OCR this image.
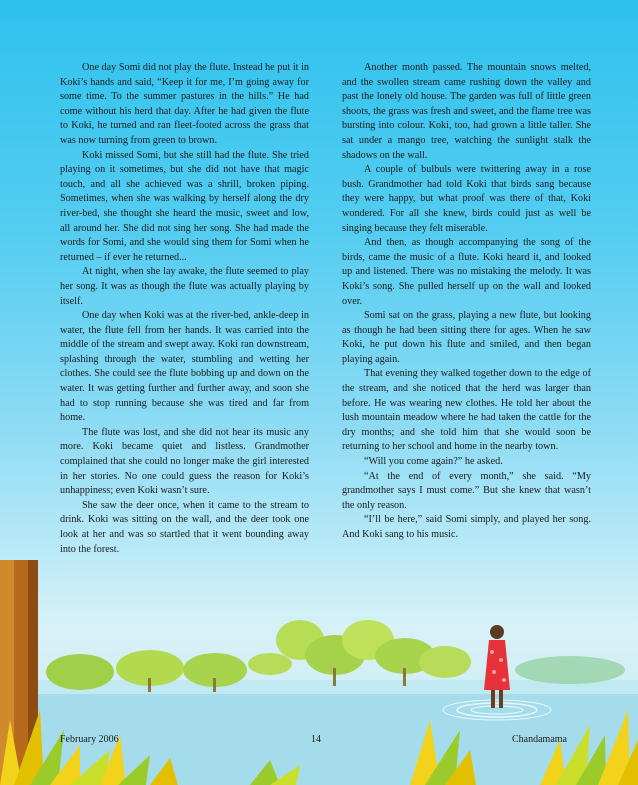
One day Somi did not play the flute. Instead he put it in Koki’s hands and said, “Keep it for me, I’m going away for some time. To the summer pastures in the hills.” He had come without his herd that day. After he had given the flute to Koki, he turned and ran fleet-footed across the grass that was now turning from green to brown.

Koki missed Somi, but she still had the flute. She tried playing on it sometimes, but she did not have that magic touch, and all she achieved was a shrill, broken piping. Sometimes, when she was walking by herself along the dry river-bed, she thought she heard the music, sweet and low, all around her. She did not sing her song. She had made the words for Somi, and she would sing them for Somi when he returned – if ever he returned...

At night, when she lay awake, the flute seemed to play her song. It was as though the flute was actually playing by itself.

One day when Koki was at the river-bed, ankle-deep in water, the flute fell from her hands. It was carried into the middle of the stream and swept away. Koki ran downstream, splashing through the water, stumbling and wetting her clothes. She could see the flute bobbing up and down on the water. It was getting further and further away, and soon she had to stop running because she was tired and far from home.

The flute was lost, and she did not hear its music any more. Koki became quiet and listless. Grandmother complained that she could no longer make the girl interested in her stories. No one could guess the reason for Koki’s unhappiness; even Koki wasn’t sure.

She saw the deer once, when it came to the stream to drink. Koki was sitting on the wall, and the deer took one look at her and was so startled that it went bounding away into the forest.

Another month passed. The mountain snows melted, and the swollen stream came rushing down the valley and past the lonely old house. The garden was full of little green shoots, the grass was fresh and sweet, and the flame tree was bursting into colour. Koki, too, had grown a little taller. She sat under a mango tree, watching the sunlight stalk the shadows on the wall.

A couple of bulbuls were twittering away in a rose bush. Grandmother had told Koki that birds sang because they were happy, but what proof was there of that, Koki wondered. For all she knew, birds could just as well be singing because they felt miserable.

And then, as though accompanying the song of the birds, came the music of a flute. Koki heard it, and looked up and listened. There was no mistaking the melody. It was Koki’s song. She pulled herself up on the wall and looked over.

Somi sat on the grass, playing a new flute, but looking as though he had been sitting there for ages. When he saw Koki, he put down his flute and smiled, and then began playing again.

That evening they walked together down to the edge of the stream, and she noticed that the herd was larger than before. He was wearing new clothes. He told her about the lush mountain meadow where he had taken the cattle for the dry months; and she told him that she would soon be returning to her school and home in the nearby town.

“Will you come again?” he asked.

“At the end of every month,” she said. “My grandmother says I must come.” But she knew that wasn’t the only reason.

“I’ll be here,” said Somi simply, and played her song. And Koki sang to his music.

February 2006	14	Chandamama
